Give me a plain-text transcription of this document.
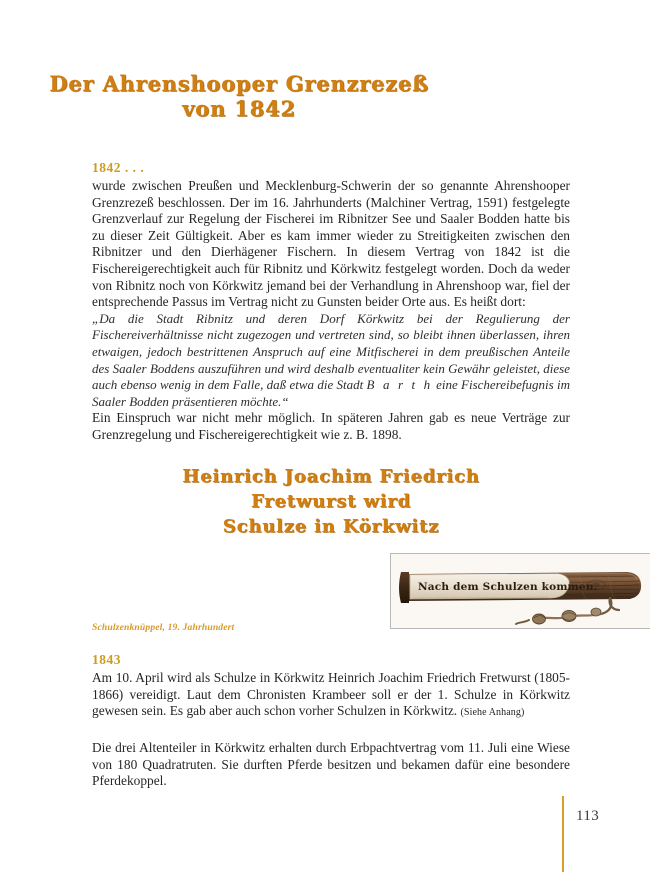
Der Ahrenshooper Grenzrezeß
von 1842
1842 . . .
wurde zwischen Preußen und Mecklenburg-Schwerin der so genannte Ahrenshooper Grenzrezeß beschlossen. Der im 16. Jahrhunderts (Malchiner Vertrag, 1591) festgelegte Grenzverlauf zur Regelung der Fischerei im Ribnitzer See und Saaler Bodden hatte bis zu dieser Zeit Gültigkeit. Aber es kam immer wieder zu Streitigkeiten zwischen den Ribnitzer und den Dierhägener Fischern. In diesem Vertrag von 1842 ist die Fischereigerechtigkeit auch für Ribnitz und Körkwitz festgelegt worden. Doch da weder von Ribnitz noch von Körkwitz jemand bei der Verhandlung in Ahrenshoop war, fiel der entsprechende Passus im Vertrag nicht zu Gunsten beider Orte aus. Es heißt dort:
„Da die Stadt Ribnitz und deren Dorf Körkwitz bei der Regulierung der Fischereiverhältnisse nicht zugezogen und vertreten sind, so bleibt ihnen überlassen, ihren etwaigen, jedoch bestrittenen Anspruch auf eine Mitfischerei in dem preußischen Anteile des Saaler Boddens auszuführen und wird deshalb eventualiter kein Gewähr geleistet, diese auch ebenso wenig in dem Falle, daß etwa die Stadt B a r t h eine Fischereibefugnis im Saaler Bodden präsentieren möchte.“
Ein Einspruch war nicht mehr möglich. In späteren Jahren gab es neue Verträge zur Grenzregelung und Fischereigerechtigkeit wie z. B. 1898.
Heinrich Joachim Friedrich
Fretwurst wird
Schulze in Körkwitz
Nach dem Schulzen kommen.
Schulzenknüppel, 19. Jahrhundert
1843
Am 10. April wird als Schulze in Körkwitz Heinrich Joachim Friedrich Fretwurst (1805-1866) vereidigt. Laut dem Chronisten Krambeer soll er der 1. Schulze in Körkwitz gewesen sein. Es gab aber auch schon vorher Schulzen in Körkwitz. (Siehe Anhang)
Die drei Altenteiler in Körkwitz erhalten durch Erbpachtvertrag vom 11. Juli eine Wiese von 180 Quadratruten. Sie durften Pferde besitzen und bekamen dafür eine besondere Pferdekoppel.
113
